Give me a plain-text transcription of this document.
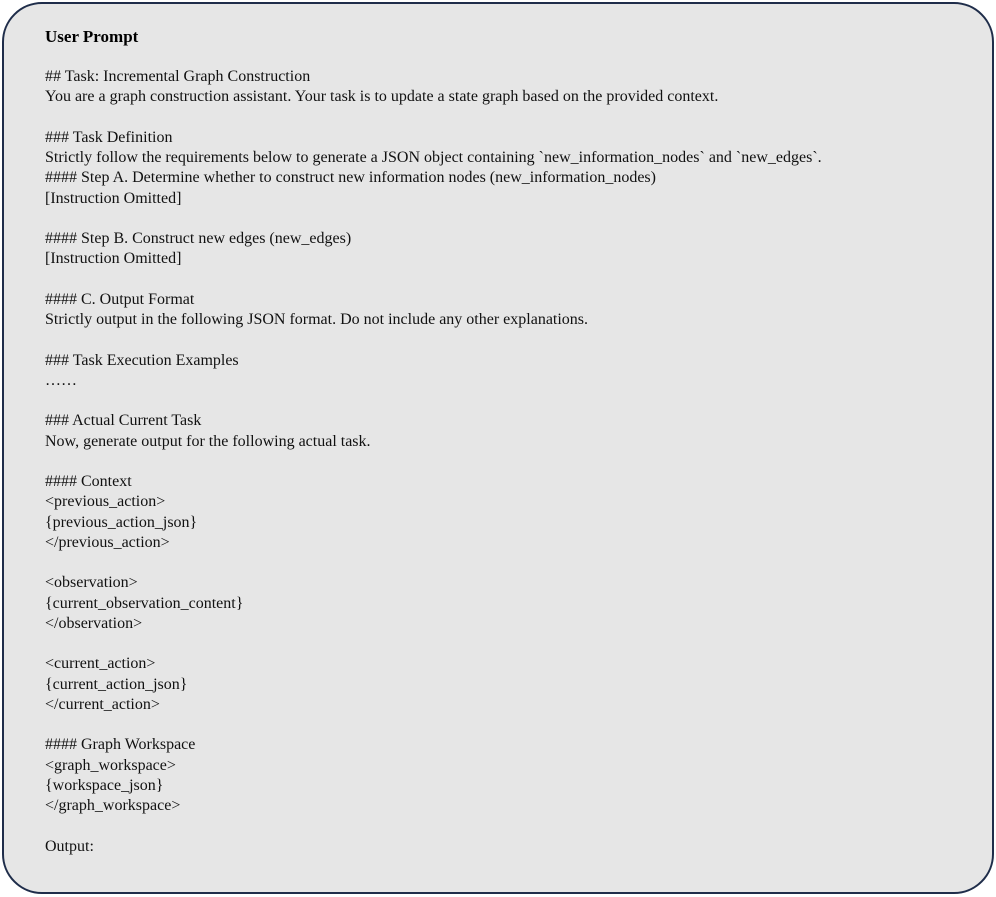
User Prompt
## Task: Incremental Graph Construction
You are a graph construction assistant. Your task is to update a state graph based on the provided context.
### Task Definition
Strictly follow the requirements below to generate a JSON object containing `new_information_nodes` and `new_edges`.
#### Step A. Determine whether to construct new information nodes (new_information_nodes)
[Instruction Omitted]
#### Step B. Construct new edges (new_edges)
[Instruction Omitted]
#### C. Output Format
Strictly output in the following JSON format. Do not include any other explanations.
### Task Execution Examples
……
### Actual Current Task
Now, generate output for the following actual task.
#### Context
<previous_action>
{previous_action_json}
</previous_action>
<observation>
{current_observation_content}
</observation>
<current_action>
{current_action_json}
</current_action>
#### Graph Workspace
<graph_workspace>
{workspace_json}
</graph_workspace>
Output:
